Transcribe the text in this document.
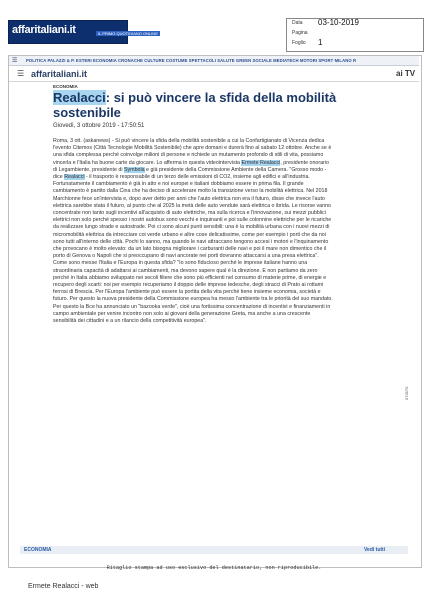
affaritaliani.it	IL PRIMO QUOTIDIANO ONLINE
Data 03-10-2019
Pagina
Foglio 1
☰ POLITICA PALAZZI & P. ESTERI ECONOMIA CRONACHE CULTURE COSTUME SPETTACOLI SALUTE GREEN SOCIALE MEDIATECH MOTORI SPORT MILANO R
☰ affaritaliani.it	ai TV
ECONOMIA
Realacci: si può vincere la sfida della mobilità sostenibile
Giovedì, 3 ottobre 2019 - 17:50:51

Roma, 3 ott. (askanews) - Si può vincere la sfida della mobilità sostenibile a cui la Confartigianato di Vicenza dedica l'evento Citemos (Città Tecnologie Mobilità Sostenibile) che apre domani e durerà fino al sabato 12 ottobre. Anche se è una sfida complessa perché coinvolge milioni di persone e richiede un mutamento profondo di stili di vita, possiamo vincerla e l'Italia ha buone carte da giocare. Lo afferma in questa videointervista Ermete Realacci, presidente onorario di Legambiente, presidente di Symbola e già presidente della Commissione Ambiente della Camera. "Grosso modo - dice Realacci - il trasporto è responsabile di un terzo delle emissioni di CO2, insieme agli edifici e all'industria. Fortunatamente il cambiamento è già in atto e noi europei e italiani dobbiamo essere in prima fila. Il grande cambiamento è partito dalla Cina che ha deciso di accelerare molto la transizione verso la mobilità elettrica. Nel 2018 Marchionne fece un'intervista e, dopo aver detto per anni che l'auto elettrica non era il futuro, disse che invece l'auto elettrica sarebbe stata il futuro, al punto che al 2025 la metà delle auto vendute sarà elettrica o ibrida. Le risorse vanno concentrate non tanto sugli incentivi all'acquisto di auto elettriche, ma sulla ricerca e l'innovazione, sui mezzi pubblici elettrici non solo perché spesso i nostri autobus sono vecchi e inquinanti e poi sulle colonnine elettriche per le ricariche da realizzare lungo strade e autostrade. Poi ci sono alcuni punti sensibili: una è la mobilità urbana con i nuovi mezzi di micromobilità elettrica da intrecciare coi verde urbano e altre cose delicatissime, come per esempio i porti che da noi sono tutti all'interno delle città. Pochi lo sanno, ma quando le navi attraccano tengono accesi i motori e l'inquinamento che provocano è molto elevato: da un lato bisogna migliorare i carburanti delle navi e poi il mare non dimentico che il porto di Genova o Napoli che si preoccupano di navi ancorate nei porti dovranno attaccarsi a una presa elettrica". Come sono messe l'Italia e l'Europa in questa sfida? "Io sono fiducioso perché le imprese italiane hanno una straordinaria capacità di adattarsi ai cambiamenti, ma devono sapere qual è la direzione. E non partiamo da zero perché in Italia abbiamo sviluppato nei secoli filiere che sono più efficienti nel consumo di materie prime, di energie e recupero degli scarti: noi per esempio recuperiamo il doppio delle imprese tedesche, degli stracci di Prato ai rottami ferrosi di Brescia. Per l'Europa l'ambiente può essere la portita della vita perché tiene insieme economia, società e futuro. Per questo la nuova presidente della Commissione europea ha messo l'ambiente tra le priorità del suo mandato. Per questo la Bce ha annunciato un "bazooka verde", cioè una fortissima concentrazione di incentivi e finanziamenti in campo ambientale per venire incontro non solo ai giovani della generazione Greta, ma anche a una crescente sensibilità dei cittadini e a un rilancio della competitività europea".

074570
ECONOMIA	Vedi tutti
Ritaglio stampa ad uso esclusivo del destinatario, non riproducibile.
Ermete Realacci - web
